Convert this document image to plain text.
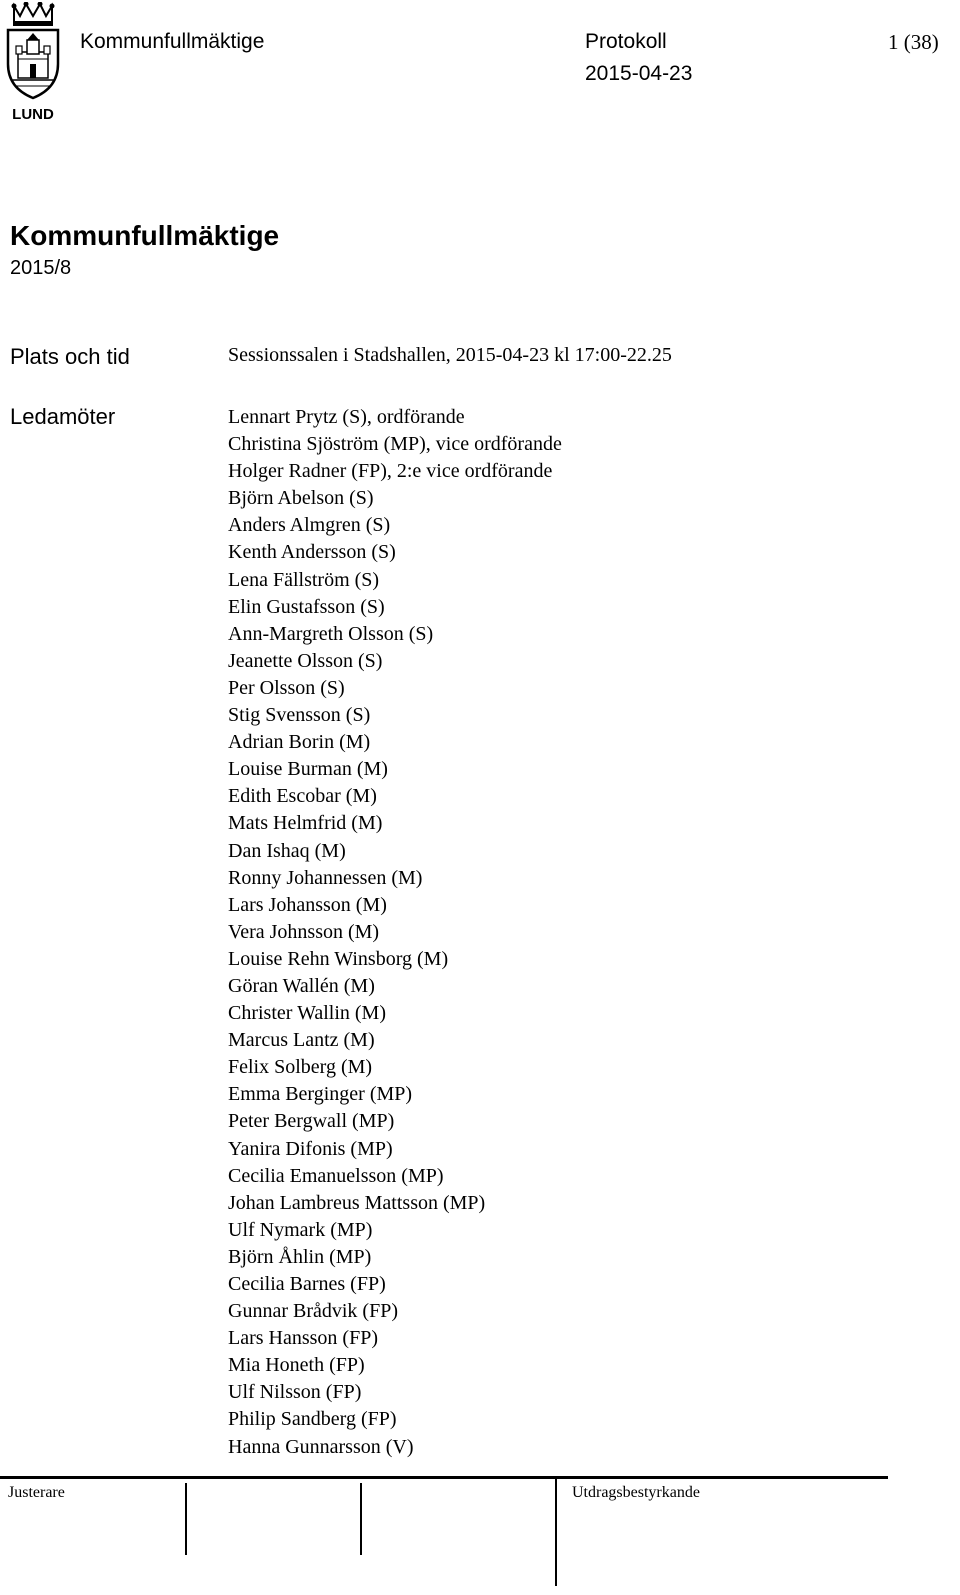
LUND
Kommunfullmäktige	Protokoll	1 (38)
2015-04-23
Kommunfullmäktige
2015/8
Plats och tid	Sessionssalen i Stadshallen, 2015-04-23 kl 17:00-22.25
Ledamöter	Lennart Prytz (S), ordförande
Christina Sjöström (MP), vice ordförande
Holger Radner (FP), 2:e vice ordförande
Björn Abelson (S)
Anders Almgren (S)
Kenth Andersson (S)
Lena Fällström (S)
Elin Gustafsson (S)
Ann-Margreth Olsson (S)
Jeanette Olsson (S)
Per Olsson (S)
Stig Svensson (S)
Adrian Borin (M)
Louise Burman (M)
Edith Escobar (M)
Mats Helmfrid (M)
Dan Ishaq (M)
Ronny Johannessen (M)
Lars Johansson (M)
Vera Johnsson (M)
Louise Rehn Winsborg (M)
Göran Wallén (M)
Christer Wallin (M)
Marcus Lantz (M)
Felix Solberg (M)
Emma Berginger (MP)
Peter Bergwall (MP)
Yanira Difonis (MP)
Cecilia Emanuelsson (MP)
Johan Lambreus Mattsson (MP)
Ulf Nymark (MP)
Björn Åhlin (MP)
Cecilia Barnes (FP)
Gunnar Brådvik (FP)
Lars Hansson (FP)
Mia Honeth (FP)
Ulf Nilsson (FP)
Philip Sandberg (FP)
Hanna Gunnarsson (V)
Justerare	Utdragsbestyrkande
